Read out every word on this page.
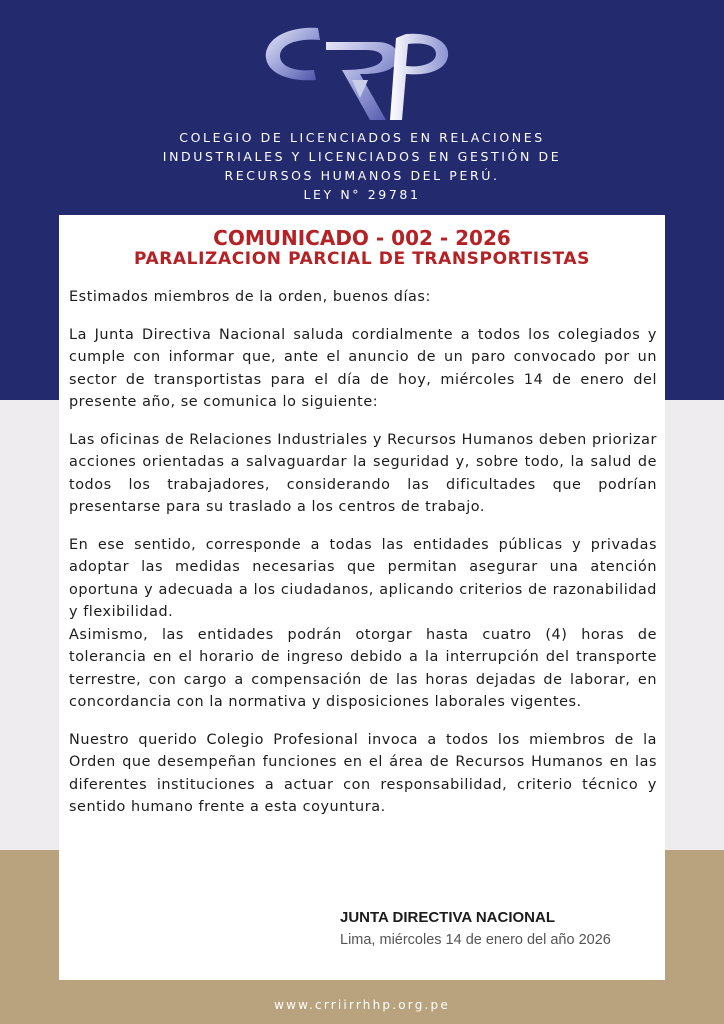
COLEGIO DE LICENCIADOS EN RELACIONES
INDUSTRIALES Y LICENCIADOS EN GESTIÓN DE
RECURSOS HUMANOS DEL PERÚ.
LEY N° 29781
COMUNICADO - 002 - 2026
PARALIZACION PARCIAL DE TRANSPORTISTAS

Estimados miembros de la orden, buenos días:

La Junta Directiva Nacional saluda cordialmente a todos los colegiados y cumple con informar que, ante el anuncio de un paro convocado por un sector de transportistas para el día de hoy, miércoles 14 de enero del presente año, se comunica lo siguiente:

Las oficinas de Relaciones Industriales y Recursos Humanos deben priorizar acciones orientadas a salvaguardar la seguridad y, sobre todo, la salud de todos los trabajadores, considerando las dificultades que podrían presentarse para su traslado a los centros de trabajo.

En ese sentido, corresponde a todas las entidades públicas y privadas adoptar las medidas necesarias que permitan asegurar una atención oportuna y adecuada a los ciudadanos, aplicando criterios de razonabilidad y flexibilidad.

Asimismo, las entidades podrán otorgar hasta cuatro (4) horas de tolerancia en el horario de ingreso debido a la interrupción del transporte terrestre, con cargo a compensación de las horas dejadas de laborar, en concordancia con la normativa y disposiciones laborales vigentes.

Nuestro querido Colegio Profesional invoca a todos los miembros de la Orden que desempeñan funciones en el área de Recursos Humanos en las diferentes instituciones a actuar con responsabilidad, criterio técnico y sentido humano frente a esta coyuntura.

JUNTA DIRECTIVA NACIONAL
Lima, miércoles 14 de enero del año 2026
www.crriirrhhp.org.pe
